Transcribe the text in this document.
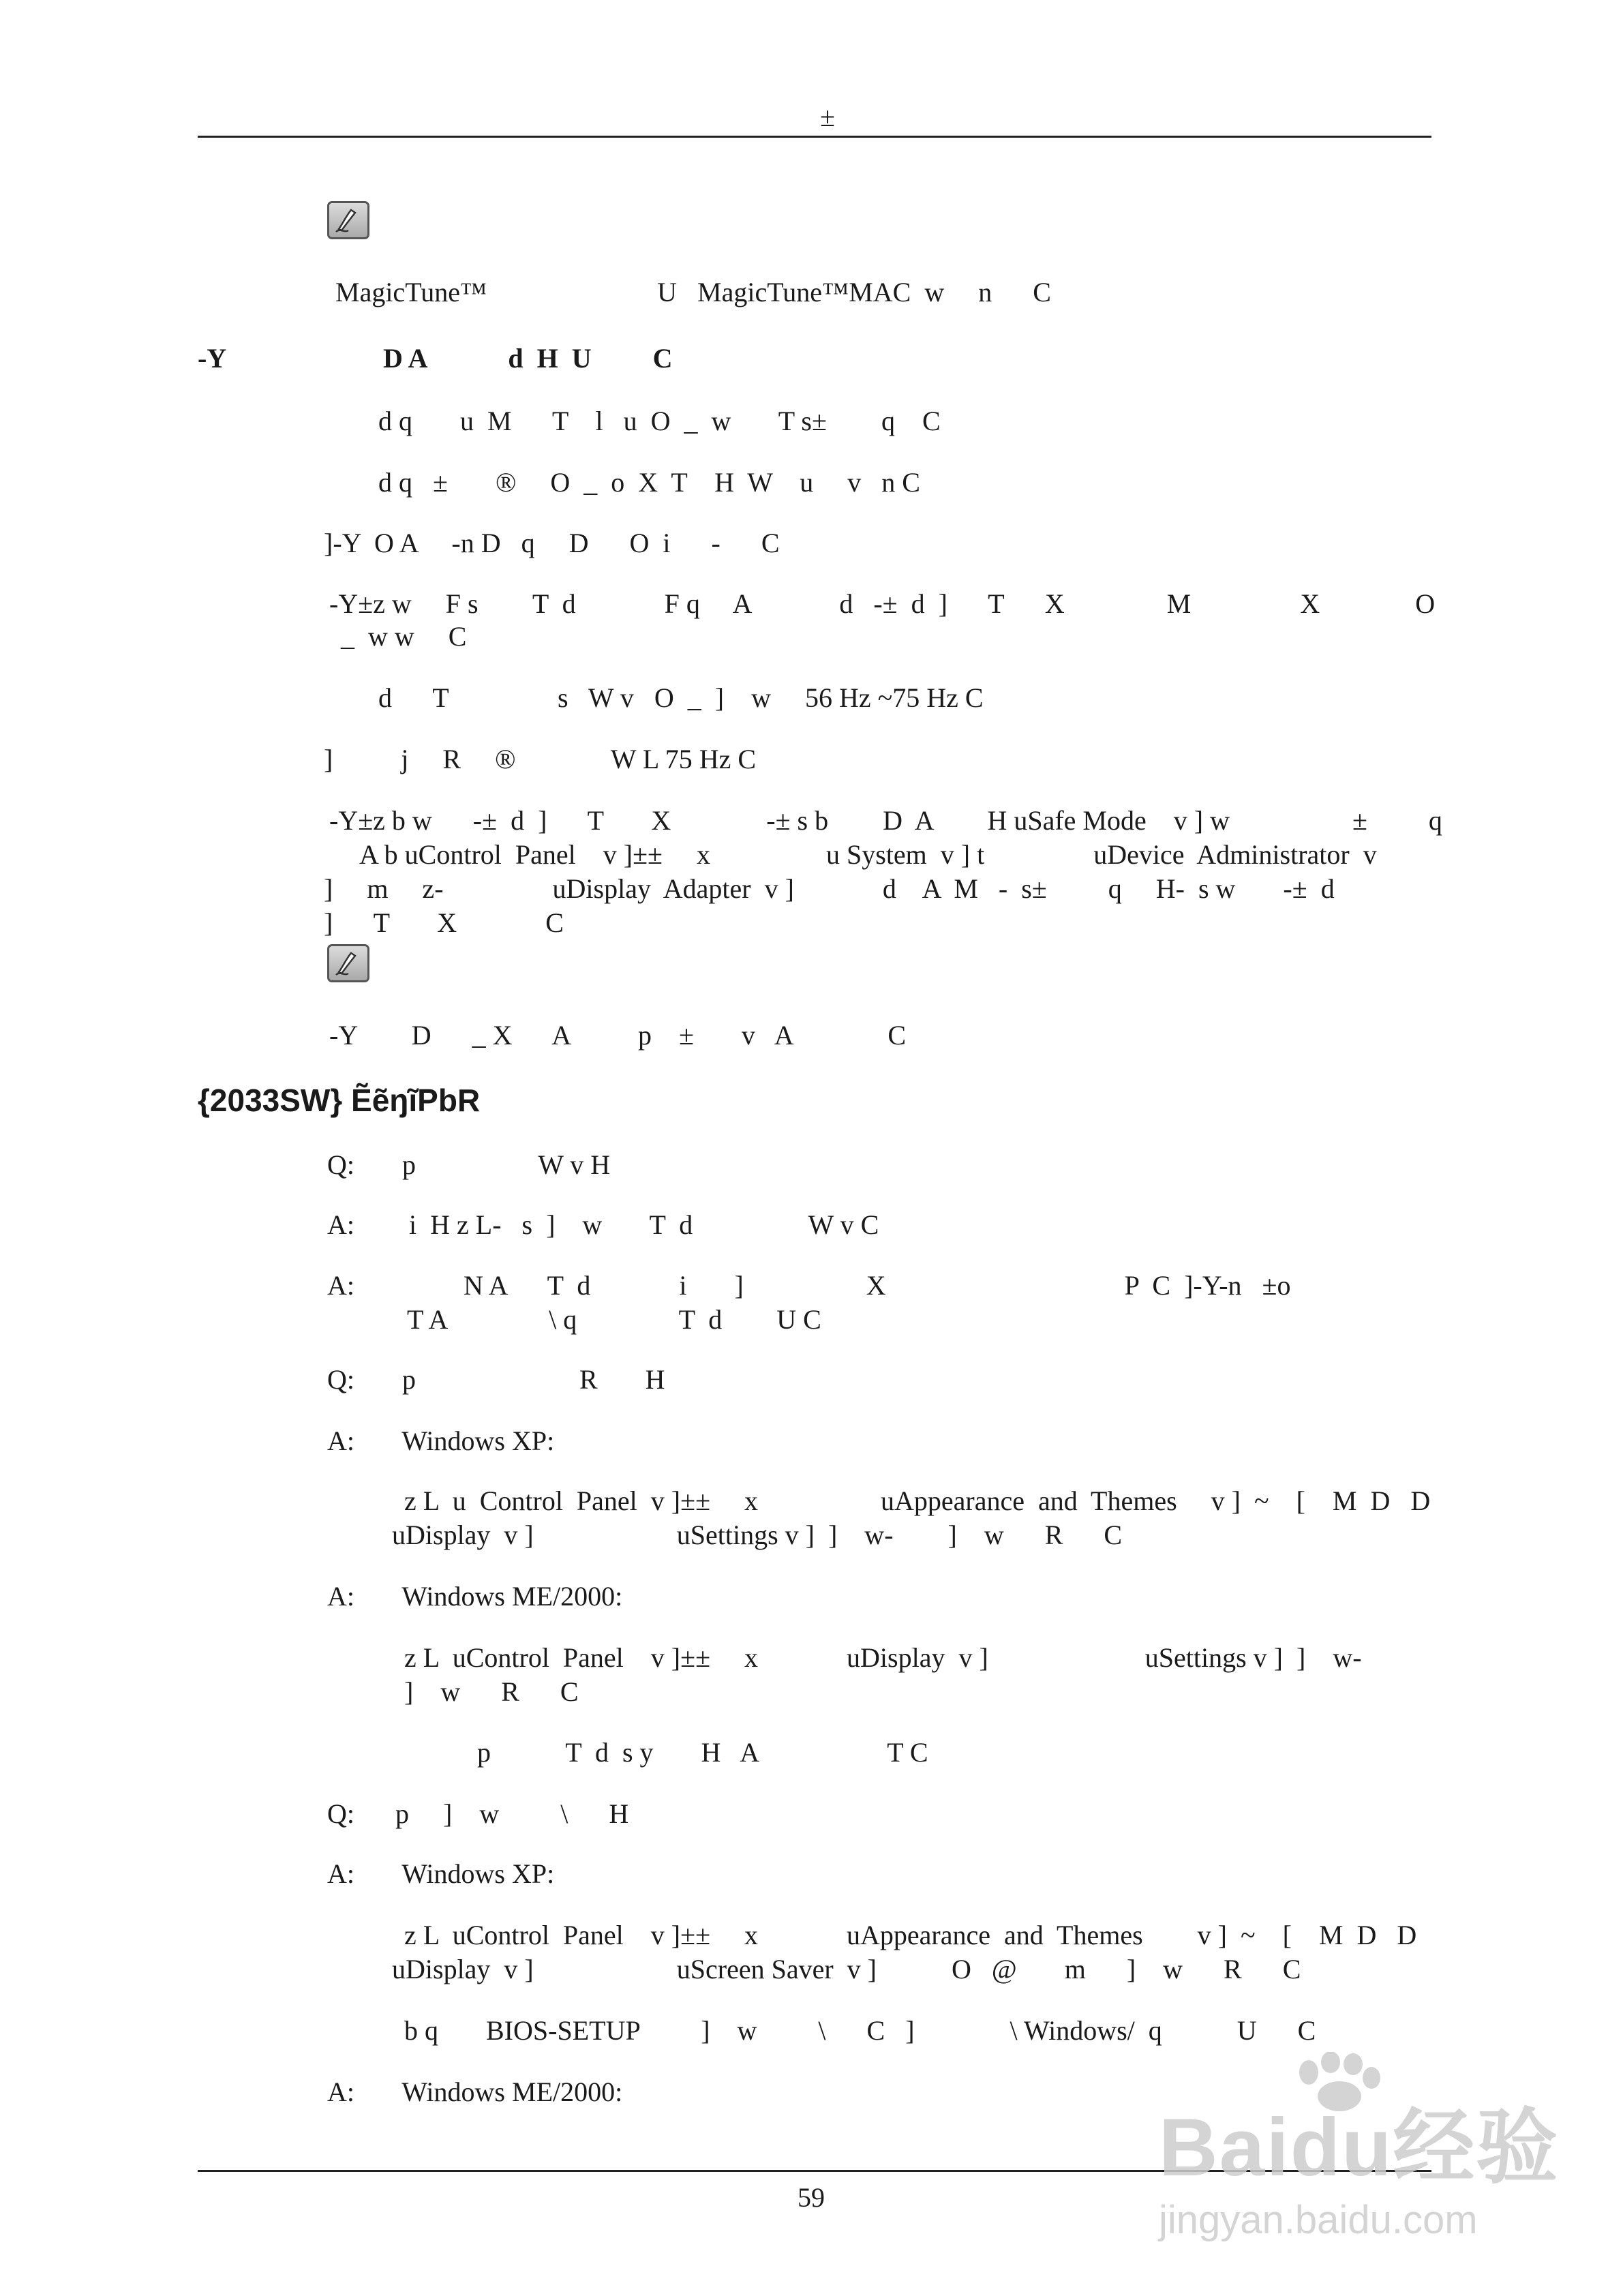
±
MagicTune™                         U   MagicTune™MAC  w     n      C
-Y	D A            d  H  U         C
d q       u  M      T    l   u  O  _  w       T s±        q    C
d q   ±       ®     O  _  o  X  T    H  W    u     v   n C
]-Y  O A     -n D   q     D      O  i      -      C
-Y±z w     F s        T  d             F q     A             d   -±  d  ]      T      X               M                X              O
_  w w     C
d      T                s   W v   O  _  ]    w     56 Hz ~75 Hz C
]          j     R     ®              W L 75 Hz C
-Y±z b w      -±  d  ]      T       X              -± s b        D  A        H uSafe Mode    v ] w                  ±         q
A b uControl  Panel    v ]±±     x                 u System  v ] t                uDevice  Administrator  v
]     m     z-                uDisplay  Adapter  v ]             d    A  M   -  s±         q     H-  s w       -±  d
]      T       X             C
-Y        D      _ X      A          p    ±       v   A              C
{2033SW} ẼẽŋĩPbR
Q:       p                  W v H
A:        i  H z L-   s  ]    w       T  d                 W v C
A:                N A      T  d             i       ]                  X                                   P  C  ]-Y-n   ±o
T A               \ q               T  d        U C
Q:       p                        R       H
A:       Windows XP:
z L  u  Control  Panel  v ]±±     x                  uAppearance  and  Themes     v ]  ~    [    M  D   D
uDisplay  v ]                     uSettings v ]  ]    w-        ]    w      R      C
A:       Windows ME/2000:
z L  uControl  Panel    v ]±±     x             uDisplay  v ]                       uSettings v ]  ]    w-
]    w      R      C
p           T  d  s y       H   A                   T C
Q:      p     ]    w         \      H
A:       Windows XP:
z L  uControl  Panel    v ]±±     x             uAppearance  and  Themes        v ]  ~    [    M  D   D
uDisplay  v ]                     uScreen Saver  v ]           O   @       m      ]    w      R      C
b q       BIOS-SETUP         ]    w         \      C   ]              \ Windows/  q           U      C
A:       Windows ME/2000:
59
Baidu经验
jingyan.baidu.com
